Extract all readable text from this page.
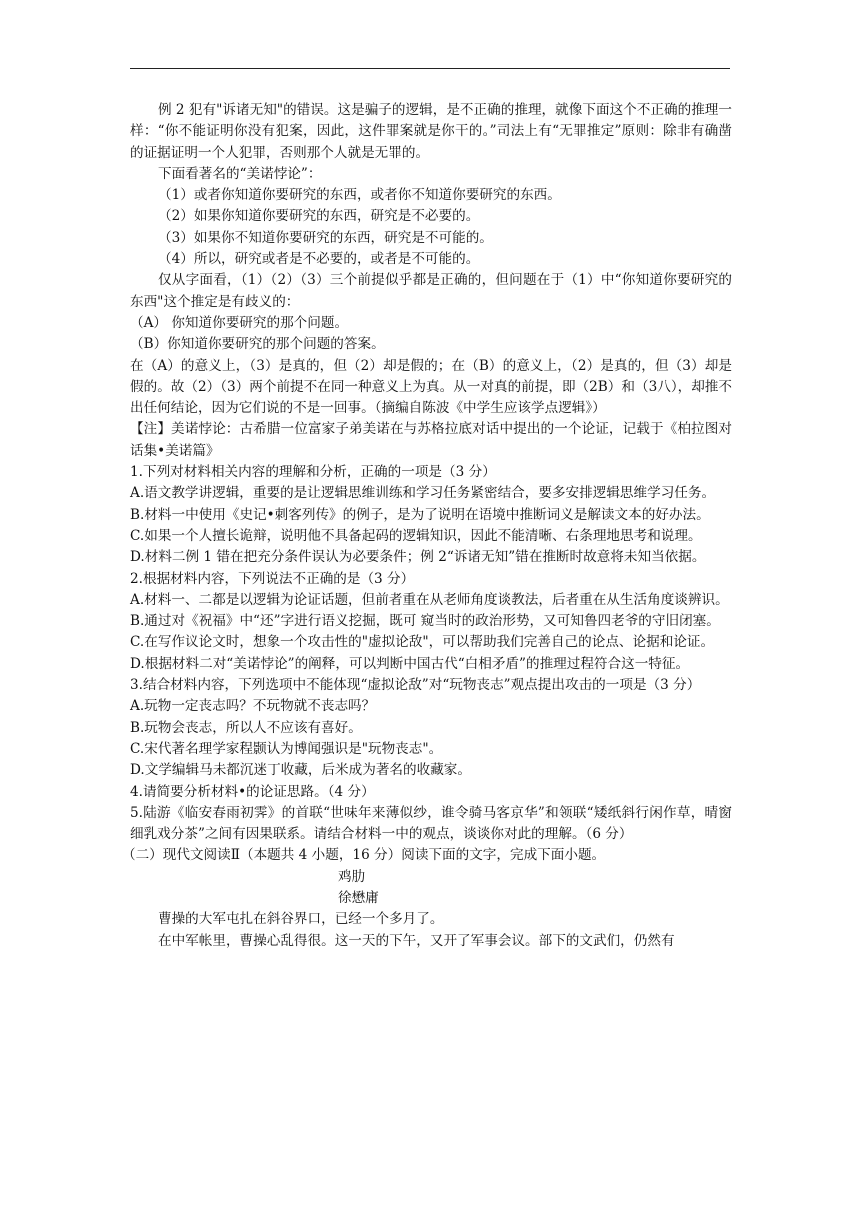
例 2 犯有"诉诸无知"的错误。这是骗子的逻辑，是不正确的推理，就像下面这个不正确的推理一样：“你不能证明你没有犯案，因此，这件罪案就是你干的。”司法上有“无罪推定”原则：除非有确凿的证据证明一个人犯罪，否则那个人就是无罪的。

下面看著名的“美诺悖论”：

（1）或者你知道你要研究的东西，或者你不知道你要研究的东西。

（2）如果你知道你要研究的东西，研究是不必要的。

（3）如果你不知道你要研究的东西，研究是不可能的。

（4）所以，研究或者是不必要的，或者是不可能的。

仅从字面看，（1）（2）（3）三个前提似乎都是正确的，但问题在于（1）中“你知道你要研究的东西"这个推定是有歧义的：

（A） 你知道你要研究的那个问题。

（B）你知道你要研究的那个问题的答案。

在（A）的意义上，（3）是真的，但（2）却是假的；在（B）的意义上，（2）是真的，但（3）却是假的。故（2）（3）两个前提不在同一种意义上为真。从一对真的前提，即（2B）和（3八），却推不出任何结论，因为它们说的不是一回事。（摘编自陈波《中学生应该学点逻辑》）

【注】美诺悖论：古希腊一位富家子弟美诺在与苏格拉底对话中提出的一个论证，记载于《柏拉图对话集•美诺篇》

1.下列对材料相关内容的理解和分析，正确的一项是（3 分）

A.语文教学讲逻辑，重要的是让逻辑思维训练和学习任务紧密结合，要多安排逻辑思维学习任务。

B.材料一中使用《史记•刺客列传》的例子，是为了说明在语境中推断词义是解读文本的好办法。

C.如果一个人擅长诡辩，说明他不具备起码的逻辑知识，因此不能清晰、右条理地思考和说理。

D.材料二例 1 错在把充分条件误认为必要条件；例 2“诉诸无知”错在推断时故意将未知当依据。

2.根据材料内容，下列说法不正确的是（3 分）

A.材料一、二都是以逻辑为论证话题，但前者重在从老师角度谈教法，后者重在从生活角度谈辨识。

B.通过对《祝福》中“还”字进行语义挖掘，既可 窥当时的政治形势，又可知鲁四老爷的守旧闭塞。

C.在写作议论文时，想象一个攻击性的"虚拟论敌"，可以帮助我们完善自己的论点、论据和论证。

D.根据材料二对“美诺悖论”的阐释，可以判断中国古代“白相矛盾”的推理过程符合这一特征。

3.结合材料内容，下列选项中不能体现“虚拟论敌”对“玩物丧志”观点提出攻击的一项是（3 分）

A.玩物一定丧志吗？不玩物就不丧志吗？

B.玩物会丧志，所以人不应该有喜好。

C.宋代著名理学家程颢认为博闻强识是"玩物丧志"。

D.文学编辑马未都沉迷丁收藏，后米成为著名的收藏家。

4.请简要分析材料•的论证思路。（4 分）

5.陆游《临安春雨初霁》的首联“世味年来薄似纱，谁令骑马客京华”和领联“矮纸斜行闲作草，晴窗细乳戏分茶”之间有因果联系。请结合材料一中的观点，谈谈你对此的理解。（6 分）

（二）现代文阅读Ⅱ（本题共 4 小题，16 分）阅读下面的文字，完成下面小题。

鸡肋

徐懋庸

曹操的大军屯扎在斜谷界口，已经一个多月了。

在中军帐里，曹操心乱得很。这一天的下午，又开了军事会议。部下的文武们，仍然有
